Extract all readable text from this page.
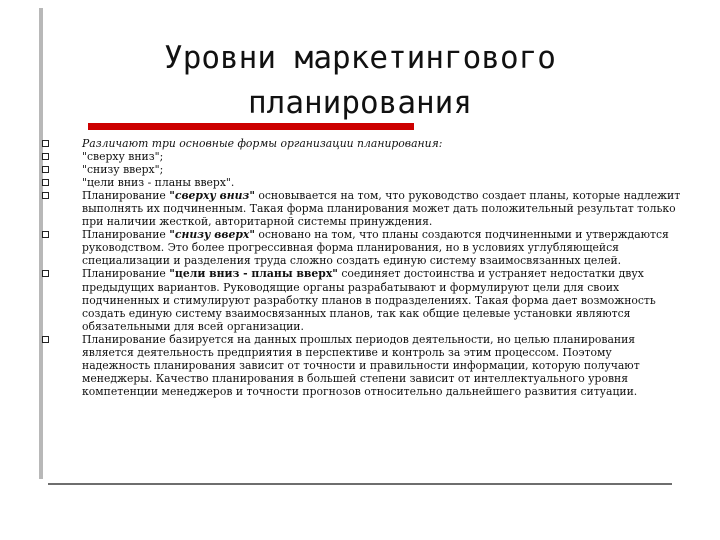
Уровни маркетингового
планирования

Различают три основные формы организации планирования:

"сверху вниз";

"снизу вверх";

"цели вниз - планы вверх".

Планирование "сверху вниз" основывается на том, что руководство создает планы, которые надлежит выполнять их подчиненным. Такая форма планирования может дать положительный результат только при наличии жесткой, авторитарной системы принуждения.

Планирование "снизу вверх" основано на том, что планы создаются подчиненными и утверждаются руководством. Это более прогрессивная форма планирования, но в условиях углубляющейся специализации и разделения труда сложно создать единую систему взаимосвязанных целей.

Планирование "цели вниз - планы вверх" соединяет достоинства и устраняет недостатки двух предыдущих вариантов. Руководящие органы разрабатывают и формулируют цели для своих подчиненных и стимулируют разработку планов в подразделениях. Такая форма дает возможность создать единую систему взаимосвязанных планов, так как общие целевые установки являются обязательными для всей организации.

Планирование базируется на данных прошлых периодов деятельности, но целью планирования является деятельность предприятия в перспективе и контроль за этим процессом. Поэтому надежность планирования зависит от точности и правильности информации, которую получают менеджеры. Качество планирования в большей степени зависит от интеллектуального уровня компетенции менеджеров и точности прогнозов относительно дальнейшего развития ситуации.
